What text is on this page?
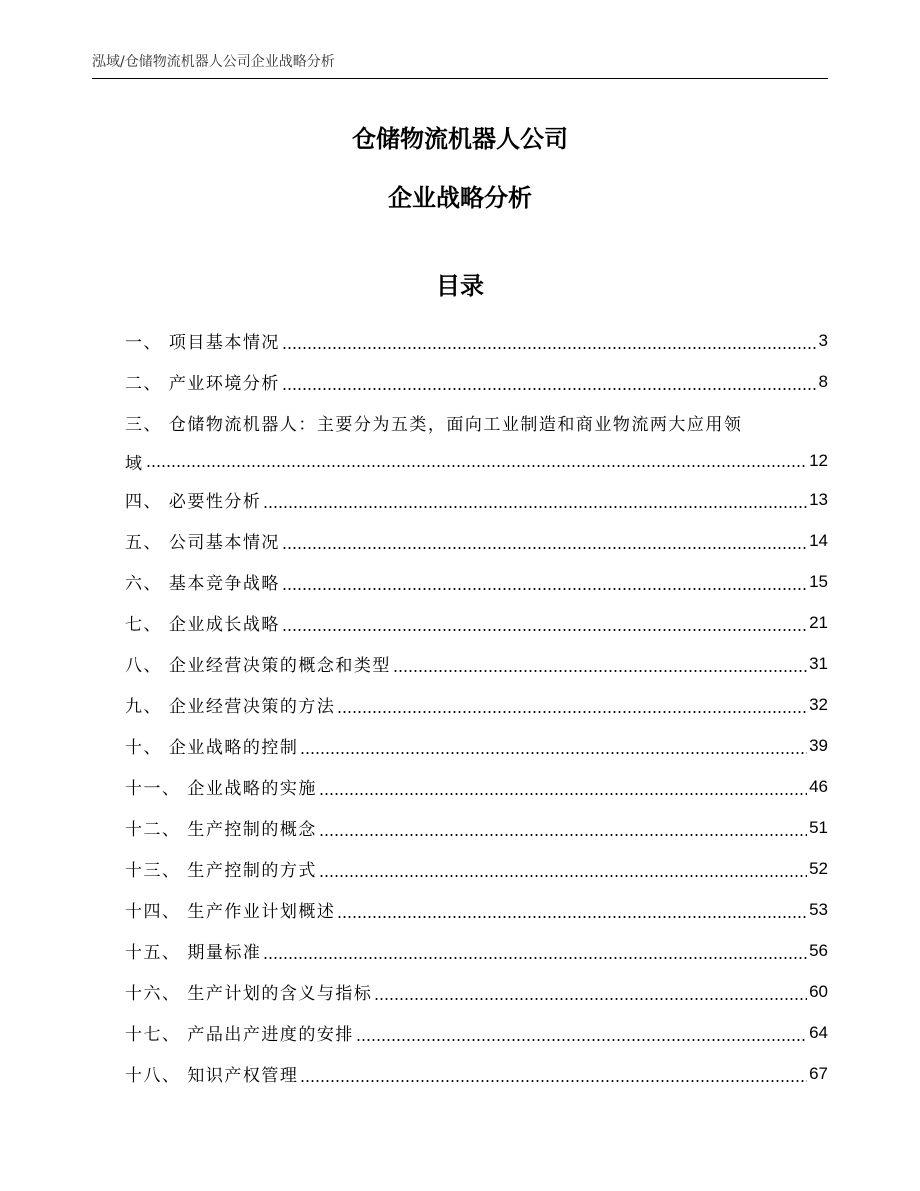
泓域/仓储物流机器人公司企业战略分析
仓储物流机器人公司
企业战略分析
目录
一、 项目基本情况	3
二、 产业环境分析	8
三、 仓储物流机器人：主要分为五类，面向工业制造和商业物流两大应用领
域	12
四、 必要性分析	13
五、 公司基本情况	14
六、 基本竞争战略	15
七、 企业成长战略	21
八、 企业经营决策的概念和类型	31
九、 企业经营决策的方法	32
十、 企业战略的控制	39
十一、 企业战略的实施	46
十二、 生产控制的概念	51
十三、 生产控制的方式	52
十四、 生产作业计划概述	53
十五、 期量标准	56
十六、 生产计划的含义与指标	60
十七、 产品出产进度的安排	64
十八、 知识产权管理	67
